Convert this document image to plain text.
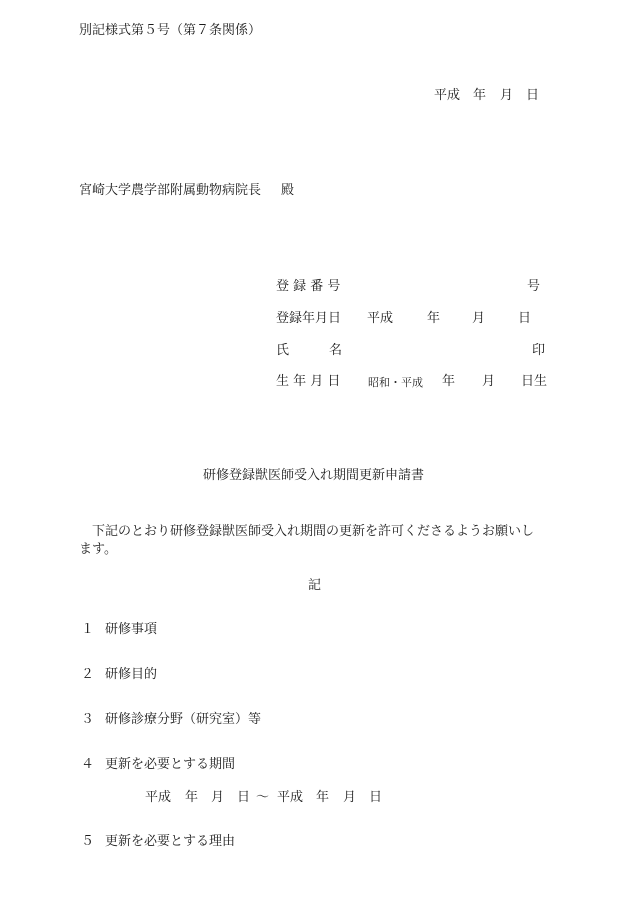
別記様式第５号（第７条関係）
平成 年 月 日
宮崎大学農学部附属動物病院長 殿
登 録 番 号	号
登録年月日 平成	年 月	日
氏	名	印
生 年 月 日	昭和・平成 年 月 日生
研修登録獣医師受入れ期間更新申請書
下記のとおり研修登録獣医師受入れ期間の更新を許可くださるようお願いし
ます。
記
１ 研修事項
２ 研修目的
３ 研修診療分野（研究室）等
４ 更新を必要とする期間
平成 年 月 日 ～ 平成 年 月 日
５ 更新を必要とする理由
